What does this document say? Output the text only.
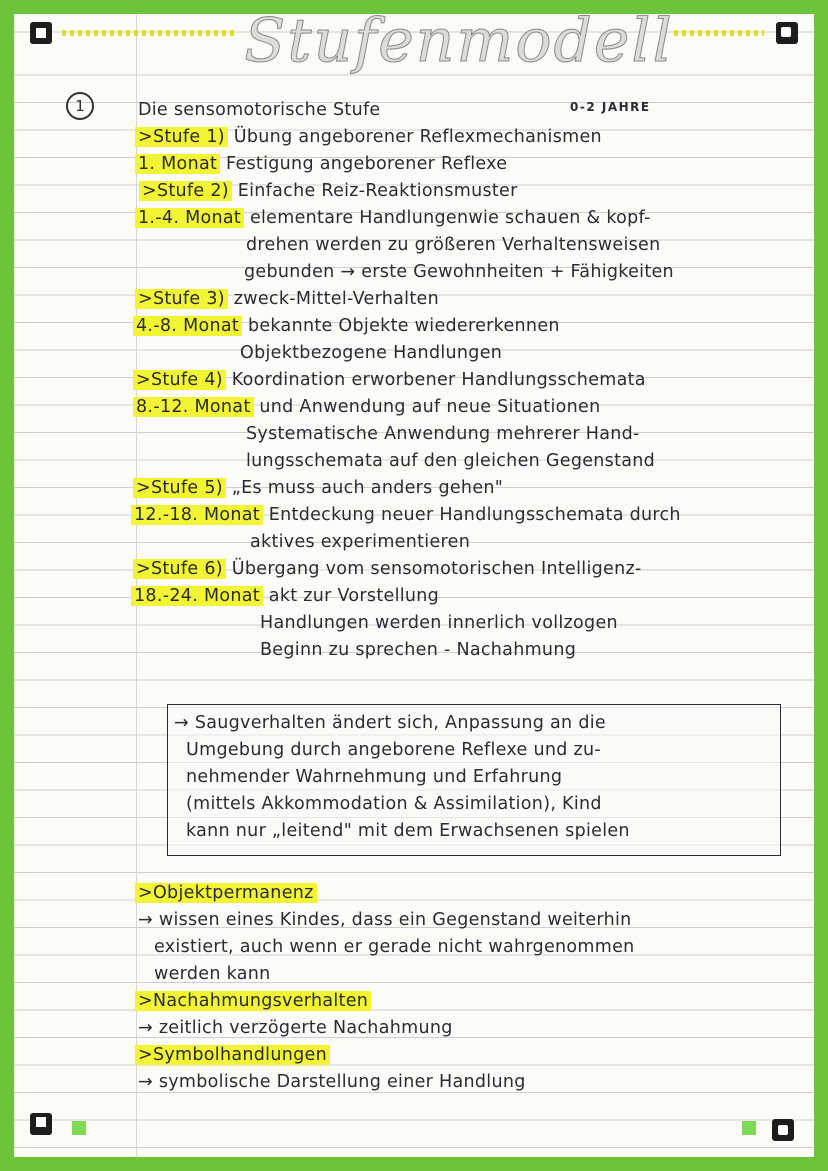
Stufenmodell
1	Die sensomotorische Stufe	0-2 JAHRE
>Stufe 1) Übung angeborener Reflexmechanismen
1. Monat Festigung angeborener Reflexe
>Stufe 2) Einfache Reiz-Reaktionsmuster
1.-4. Monat elementare Handlungenwie schauen & kopf-
drehen werden zu größeren Verhaltensweisen
gebunden → erste Gewohnheiten + Fähigkeiten
>Stufe 3) zweck-Mittel-Verhalten
4.-8. Monat bekannte Objekte wiedererkennen
Objektbezogene Handlungen
>Stufe 4) Koordination erworbener Handlungsschemata
8.-12. Monat und Anwendung auf neue Situationen
Systematische Anwendung mehrerer Hand-
lungsschemata auf den gleichen Gegenstand
>Stufe 5) „Es muss auch anders gehen"
12.-18. Monat Entdeckung neuer Handlungsschemata durch
aktives experimentieren
>Stufe 6) Übergang vom sensomotorischen Intelligenz-
18.-24. Monat akt zur Vorstellung
Handlungen werden innerlich vollzogen
Beginn zu sprechen - Nachahmung
→ Saugverhalten ändert sich, Anpassung an die
Umgebung durch angeborene Reflexe und zu-
nehmender Wahrnehmung und Erfahrung
(mittels Akkommodation & Assimilation), Kind
kann nur „leitend" mit dem Erwachsenen spielen
>Objektpermanenz
→ wissen eines Kindes, dass ein Gegenstand weiterhin
existiert, auch wenn er gerade nicht wahrgenommen
werden kann
>Nachahmungsverhalten
→ zeitlich verzögerte Nachahmung
>Symbolhandlungen
→ symbolische Darstellung einer Handlung
